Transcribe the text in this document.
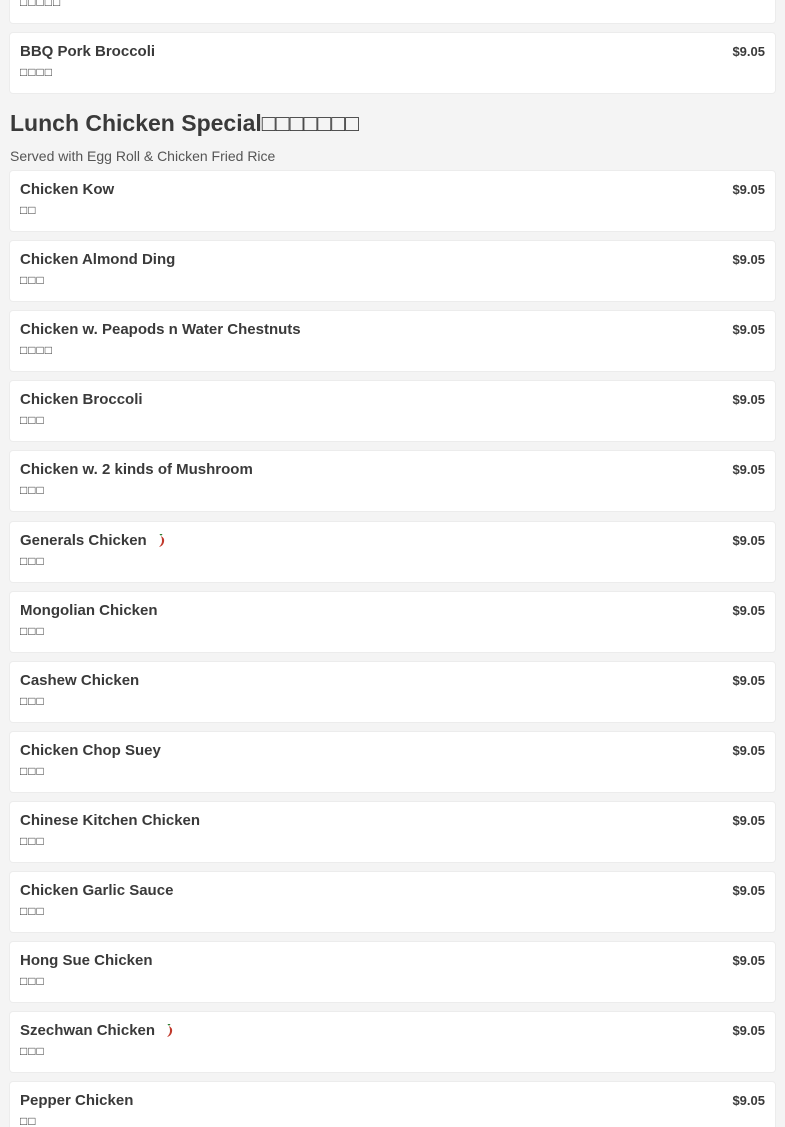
□□□□□
BBQ Pork Broccoli
□□□□
$9.05
Lunch Chicken Special□□□□□□□
Served with Egg Roll & Chicken Fried Rice
Chicken Kow
□□
$9.05
Chicken Almond Ding
□□□
$9.05
Chicken w. Peapods n Water Chestnuts
□□□□
$9.05
Chicken Broccoli
□□□
$9.05
Chicken w. 2 kinds of Mushroom
□□□
$9.05
Generals Chicken
□□□
$9.05
Mongolian Chicken
□□□
$9.05
Cashew Chicken
□□□
$9.05
Chicken Chop Suey
□□□
$9.05
Chinese Kitchen Chicken
□□□
$9.05
Chicken Garlic Sauce
□□□
$9.05
Hong Sue Chicken
□□□
$9.05
Szechwan Chicken
□□□
$9.05
Pepper Chicken
□□
$9.05
